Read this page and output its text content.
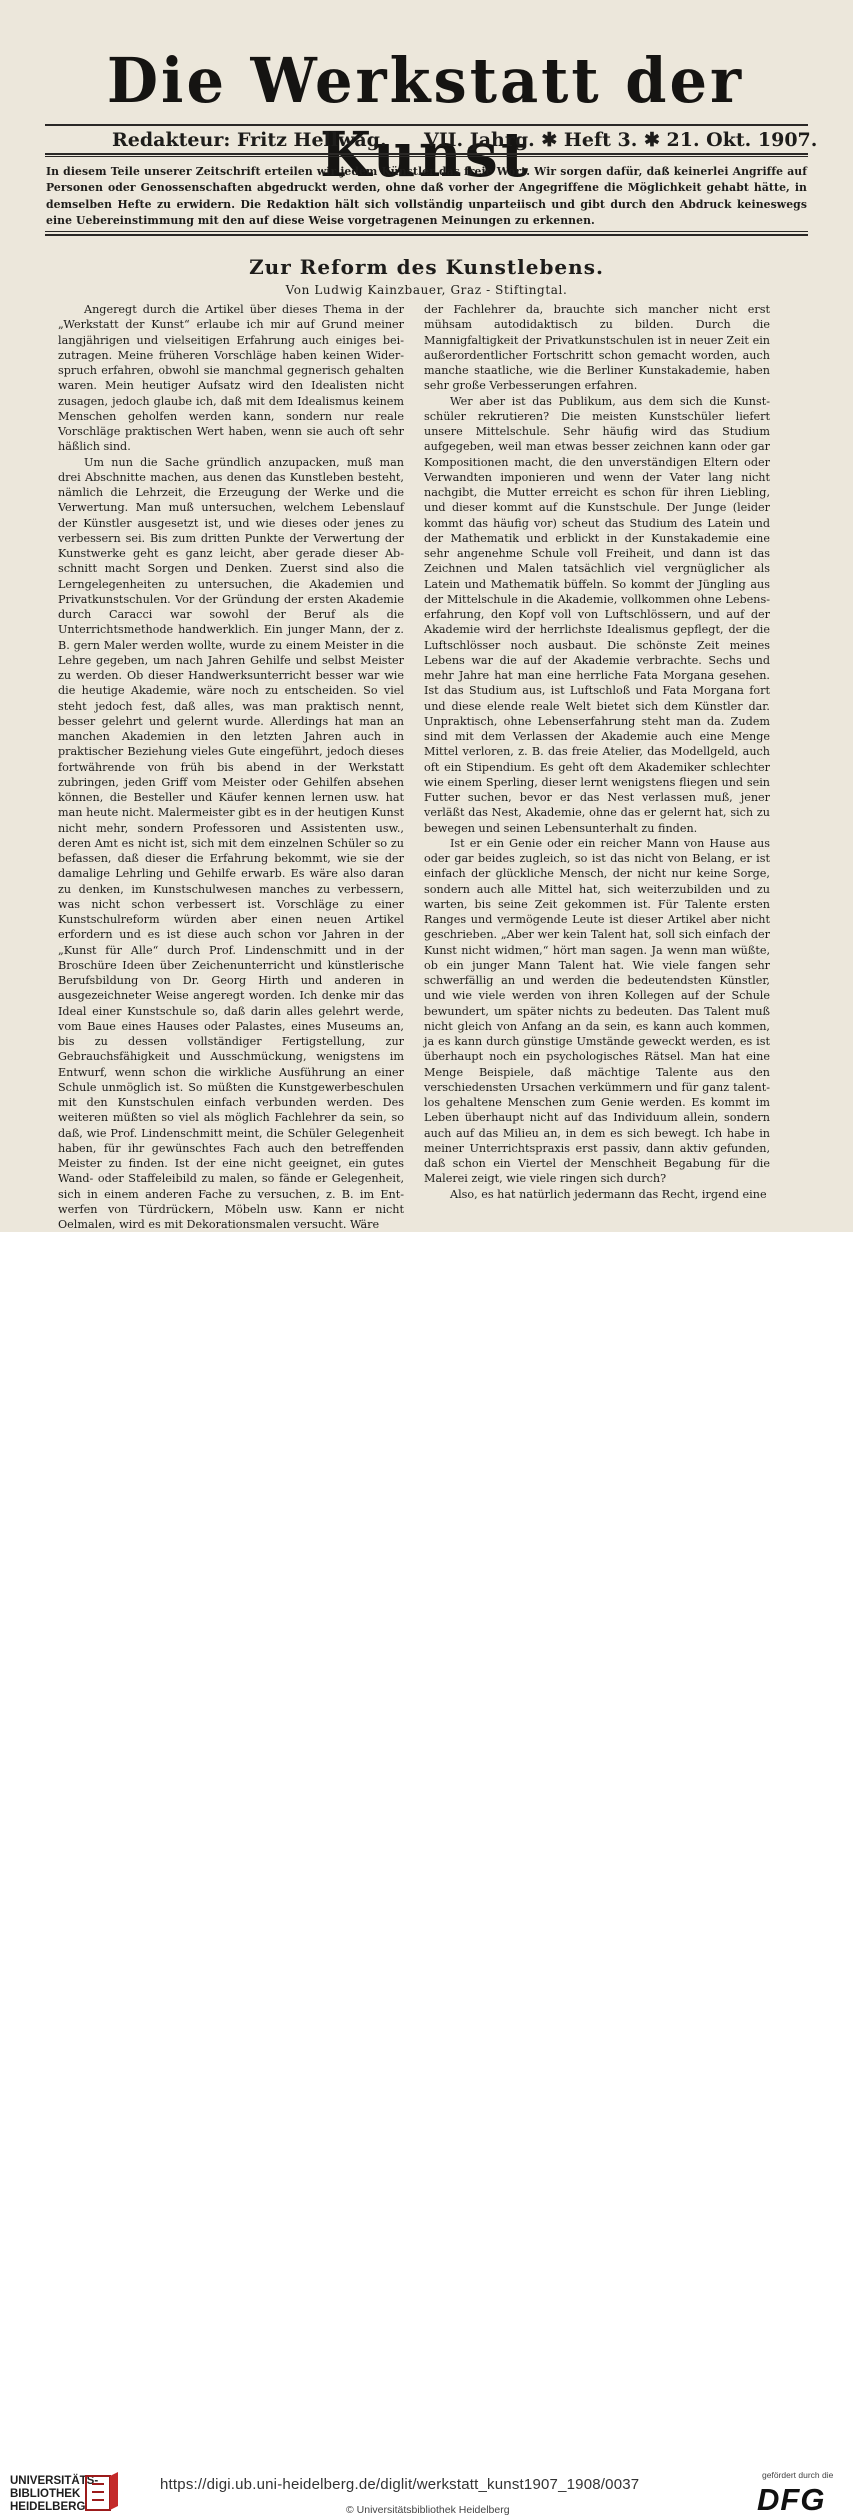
Die Werkstatt der Kunst
Redakteur: Fritz Hellwag. VII. Jahrg. ✱ Heft 3. ✱ 21. Okt. 1907.

In diesem Teile unserer Zeitschrift erteilen wir jedem Künstler das freie Wort. Wir sorgen dafür, daß keinerlei Angriffe auf Personen oder Genossenschaften abgedruckt werden, ohne daß vorher der Angegriffene die Möglichkeit gehabt hätte, in demselben Hefte zu erwidern. Die Redaktion hält sich vollständig unparteiisch und gibt durch den Abdruck keineswegs eine Uebereinstimmung mit den auf diese Weise vorgetragenen Meinungen zu erkennen.

Zur Reform des Kunstlebens.
Von Ludwig Kainzbauer, Graz - Stiftingtal.

Angeregt durch die Artikel über dieses Thema in der „Werkstatt der Kunst“ erlaube ich mir auf Grund meiner langjährigen und vielseitigen Erfahrung auch einiges beizutragen. Meine früheren Vorschläge haben keinen Widerspruch erfahren, obwohl sie manchmal gegnerisch gehalten waren. Mein heutiger Aufsatz wird den Idealisten nicht zusagen, jedoch glaube ich, daß mit dem Idealismus keinem Menschen geholfen werden kann, sondern nur reale Vorschläge praktischen Wert haben, wenn sie auch oft sehr häßlich sind.

Um nun die Sache gründlich anzupacken, muß man drei Abschnitte machen, aus denen das Kunstleben besteht, nämlich die Lehrzeit, die Erzeugung der Werke und die Verwertung. Man muß untersuchen, welchem Lebenslauf der Künstler ausgesetzt ist, und wie dieses oder jenes zu verbessern sei. Bis zum dritten Punkte der Verwertung der Kunstwerke geht es ganz leicht, aber gerade dieser Abschnitt macht Sorgen und Denken. Zuerst sind also die Lerngelegenheiten zu untersuchen, die Akademien und Privatkunstschulen. Vor der Gründung der ersten Akademie durch Caracci war sowohl der Beruf als die Unterrichtsmethode handwerklich. Ein junger Mann, der z. B. gern Maler werden wollte, wurde zu einem Meister in die Lehre gegeben, um nach Jahren Gehilfe und selbst Meister zu werden. Ob dieser Handwerksunterricht besser war wie die heutige Akademie, wäre noch zu entscheiden. So viel steht jedoch fest, daß alles, was man praktisch nennt, besser gelehrt und gelernt wurde. Allerdings hat man an manchen Akademien in den letzten Jahren auch in praktischer Beziehung vieles Gute eingeführt, jedoch dieses fortwährende von früh bis abend in der Werkstatt zubringen, jeden Griff vom Meister oder Gehilfen absehen können, die Besteller und Käufer kennen lernen usw. hat man heute nicht. Malermeister gibt es in der heutigen Kunst nicht mehr, sondern Professoren und Assistenten usw., deren Amt es nicht ist, sich mit dem einzelnen Schüler so zu befassen, daß dieser die Erfahrung bekommt, wie sie der damalige Lehrling und Gehilfe erwarb. Es wäre also daran zu denken, im Kunstschulwesen manches zu verbessern, was nicht schon verbessert ist. Vorschläge zu einer Kunstschulreform würden aber einen neuen Artikel erfordern und es ist diese auch schon vor Jahren in der „Kunst für Alle“ durch Prof. Lindenschmitt und in der Broschüre Ideen über Zeichenunterricht und künstlerische Berufsbildung von Dr. Georg Hirth und anderen in ausgezeichneter Weise angeregt worden. Ich denke mir das Ideal einer Kunstschule so, daß darin alles gelehrt werde, vom Baue eines Hauses oder Palastes, eines Museums an, bis zu dessen vollständiger Fertigstellung, zur Gebrauchsfähigkeit und Ausschmückung, wenigstens im Entwurf, wenn schon die wirkliche Ausführung an einer Schule unmöglich ist. So müßten die Kunstgewerbeschulen mit den Kunstschulen einfach verbunden werden. Des weiteren müßten so viel als möglich Fachlehrer da sein, so daß, wie Prof. Lindenschmitt meint, die Schüler Gelegenheit haben, für ihr gewünschtes Fach auch den betreffenden Meister zu finden. Ist der eine nicht geeignet, ein gutes Wand- oder Staffeleibild zu malen, so fände er Gelegenheit, sich in einem anderen Fache zu versuchen, z. B. im Entwerfen von Türdrückern, Möbeln usw. Kann er nicht Oelmalen, wird es mit Dekorationsmalen versucht. Wäre

der Fachlehrer da, brauchte sich mancher nicht erst mühsam autodidaktisch zu bilden. Durch die Mannigfaltigkeit der Privatkunstschulen ist in neuer Zeit ein außerordentlicher Fortschritt schon gemacht worden, auch manche staatliche, wie die Berliner Kunstakademie, haben sehr große Verbesserungen erfahren.

Wer aber ist das Publikum, aus dem sich die Kunstschüler rekrutieren? Die meisten Kunstschüler liefert unsere Mittelschule. Sehr häufig wird das Studium aufgegeben, weil man etwas besser zeichnen kann oder gar Kompositionen macht, die den unverständigen Eltern oder Verwandten imponieren und wenn der Vater lang nicht nachgibt, die Mutter erreicht es schon für ihren Liebling, und dieser kommt auf die Kunstschule. Der Junge (leider kommt das häufig vor) scheut das Studium des Latein und der Mathematik und erblickt in der Kunstakademie eine sehr angenehme Schule voll Freiheit, und dann ist das Zeichnen und Malen tatsächlich viel vergnüglicher als Latein und Mathematik büffeln. So kommt der Jüngling aus der Mittelschule in die Akademie, vollkommen ohne Lebenserfahrung, den Kopf voll von Luftschlössern, und auf der Akademie wird der herrlichste Idealismus gepflegt, der die Luftschlösser noch ausbaut. Die schönste Zeit meines Lebens war die auf der Akademie verbrachte. Sechs und mehr Jahre hat man eine herrliche Fata Morgana gesehen. Ist das Studium aus, ist Luftschloß und Fata Morgana fort und diese elende reale Welt bietet sich dem Künstler dar. Unpraktisch, ohne Lebenserfahrung steht man da. Zudem sind mit dem Verlassen der Akademie auch eine Menge Mittel verloren, z. B. das freie Atelier, das Modellgeld, auch oft ein Stipendium. Es geht oft dem Akademiker schlechter wie einem Sperling, dieser lernt wenigstens fliegen und sein Futter suchen, bevor er das Nest verlassen muß, jener verläßt das Nest, Akademie, ohne das er gelernt hat, sich zu bewegen und seinen Lebensunterhalt zu finden.

Ist er ein Genie oder ein reicher Mann von Hause aus oder gar beides zugleich, so ist das nicht von Belang, er ist einfach der glückliche Mensch, der nicht nur keine Sorge, sondern auch alle Mittel hat, sich weiterzubilden und zu warten, bis seine Zeit gekommen ist. Für Talente ersten Ranges und vermögende Leute ist dieser Artikel aber nicht geschrieben. „Aber wer kein Talent hat, soll sich einfach der Kunst nicht widmen,“ hört man sagen. Ja wenn man wüßte, ob ein junger Mann Talent hat. Wie viele fangen sehr schwerfällig an und werden die bedeutendsten Künstler, und wie viele werden von ihren Kollegen auf der Schule bewundert, um später nichts zu bedeuten. Das Talent muß nicht gleich von Anfang an da sein, es kann auch kommen, ja es kann durch günstige Umstände geweckt werden, es ist überhaupt noch ein psychologisches Rätsel. Man hat eine Menge Beispiele, daß mächtige Talente aus den verschiedensten Ursachen verkümmern und für ganz talentlos gehaltene Menschen zum Genie werden. Es kommt im Leben überhaupt nicht auf das Individuum allein, sondern auch auf das Milieu an, in dem es sich bewegt. Ich habe in meiner Unterrichtspraxis erst passiv, dann aktiv gefunden, daß schon ein Viertel der Menschheit Begabung für die Malerei zeigt, wie viele ringen sich durch?

Also, es hat natürlich jedermann das Recht, irgend eine

UNIVERSITÄTS-
BIBLIOTHEK
HEIDELBERG
https://digi.ub.uni-heidelberg.de/diglit/werkstatt_kunst1907_1908/0037
© Universitätsbibliothek Heidelberg
gefördert durch die
DFG
